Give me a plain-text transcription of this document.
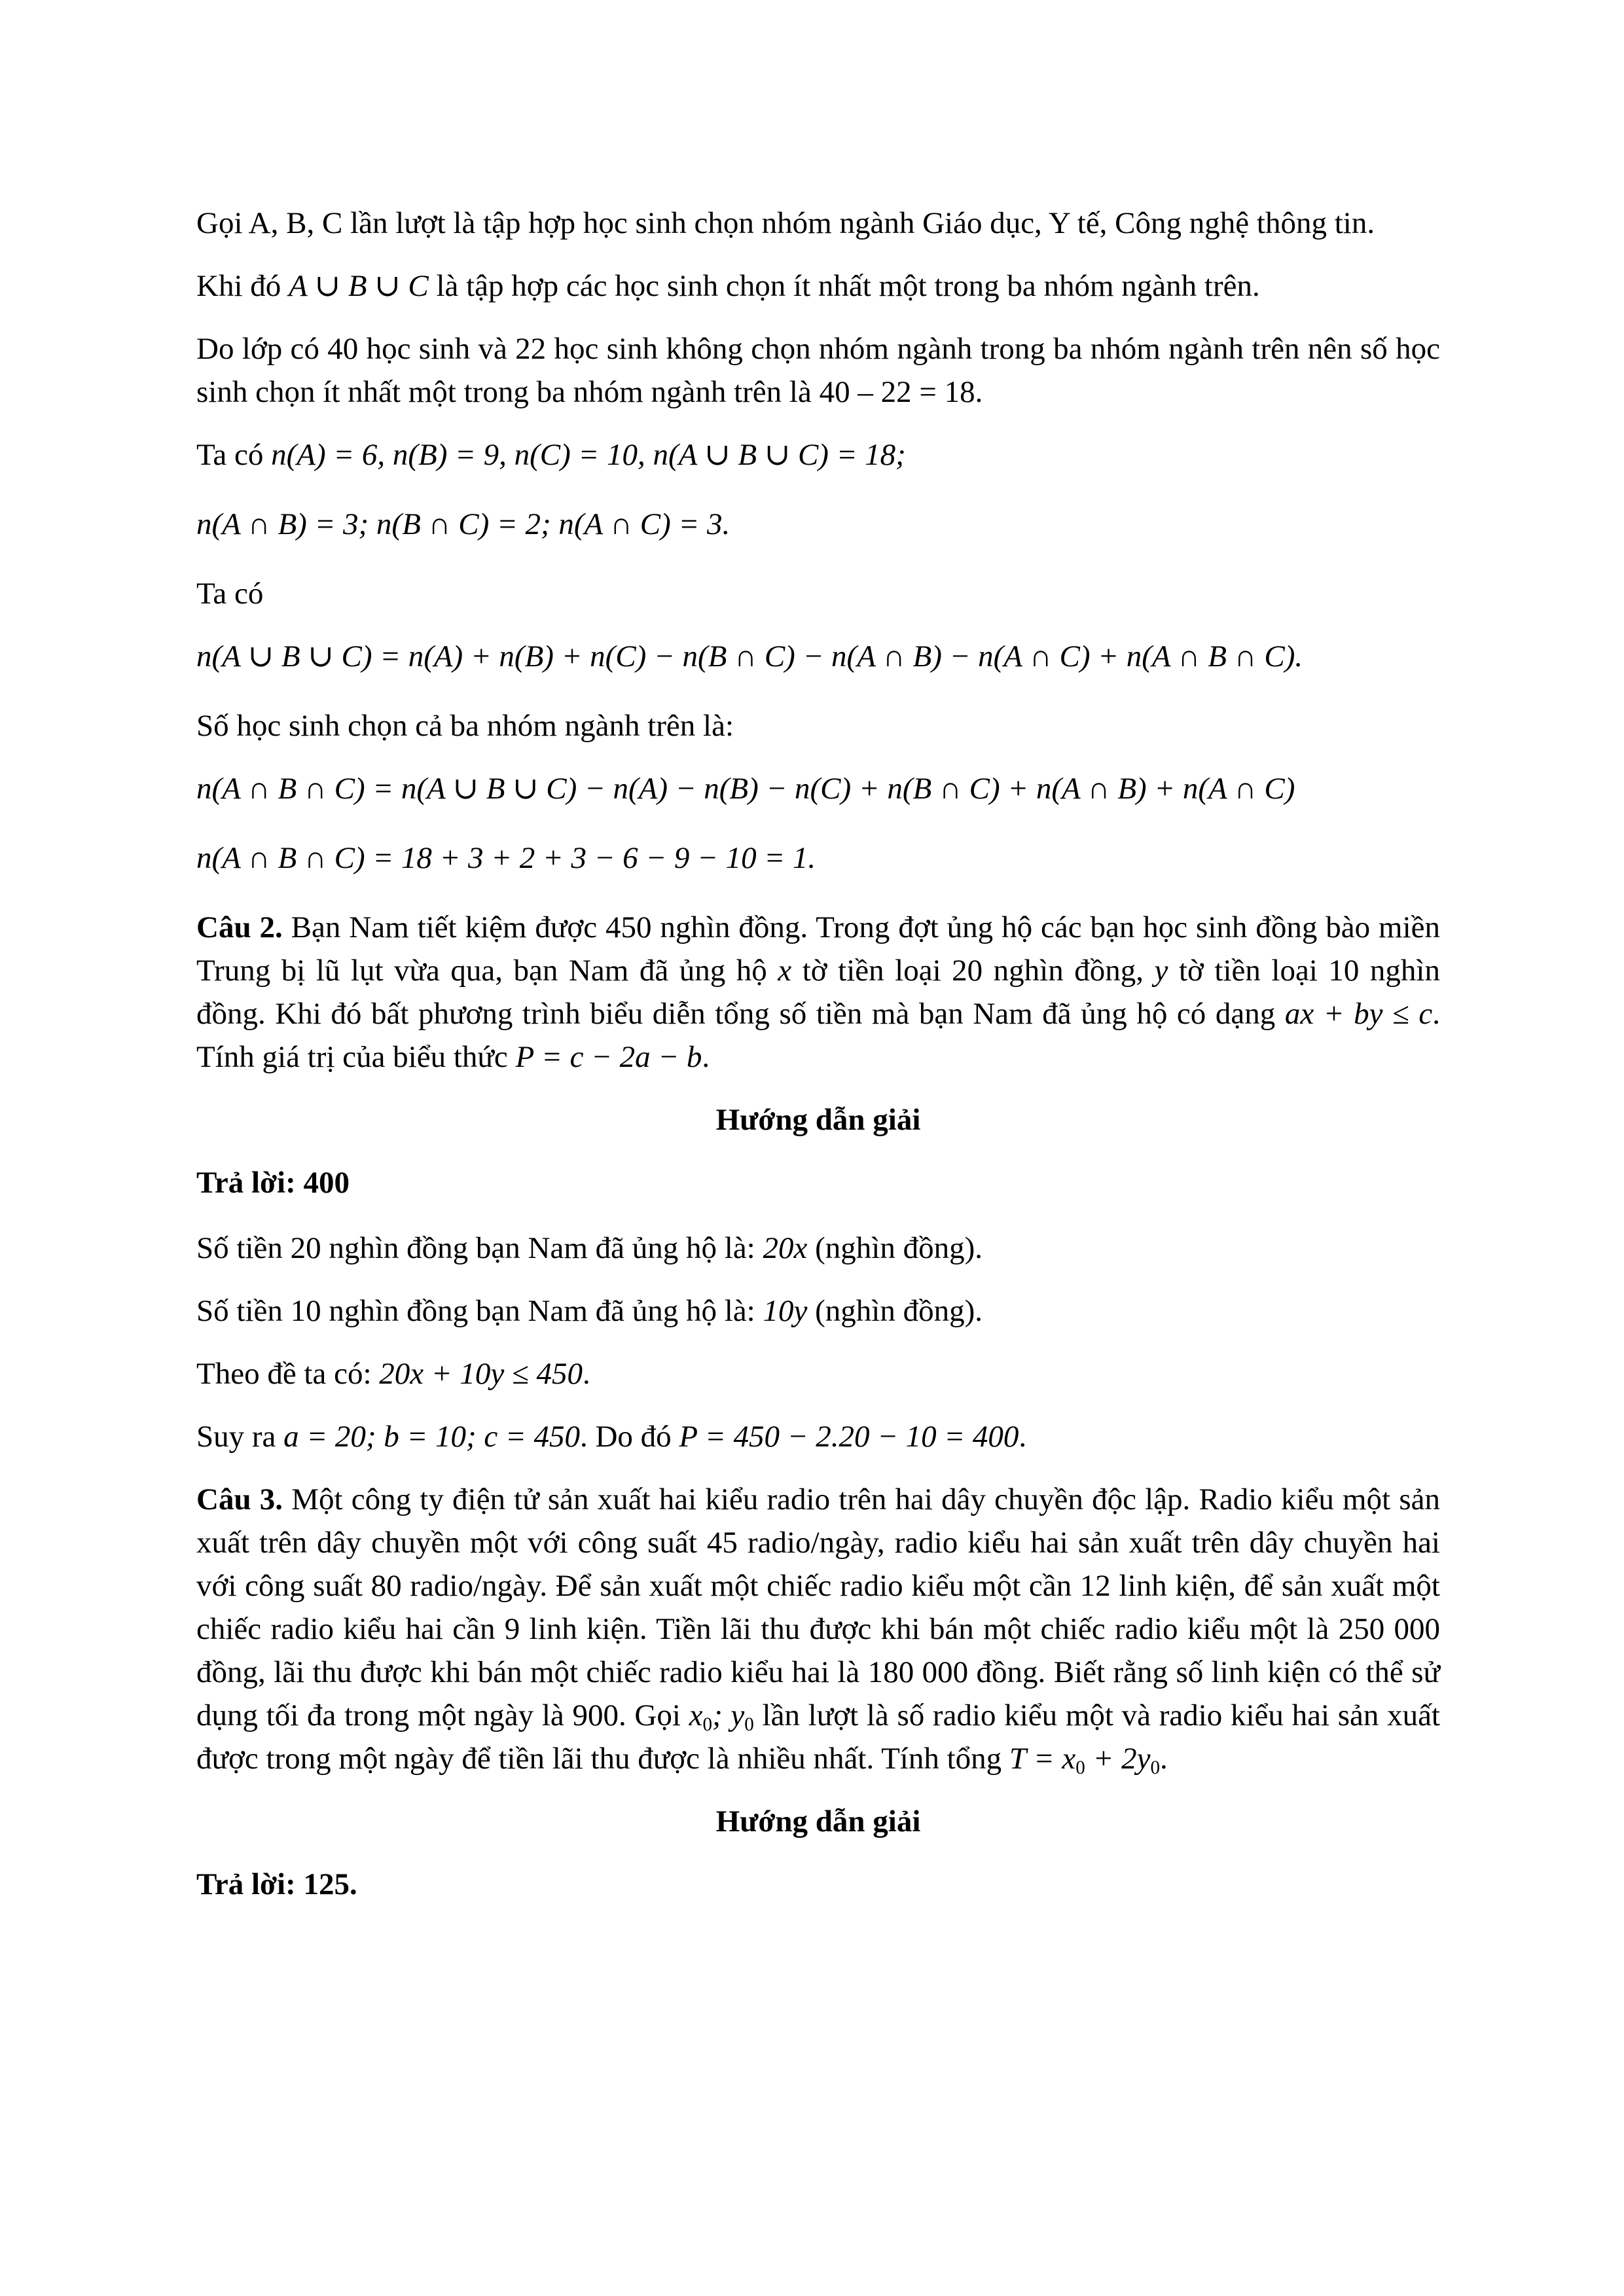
Gọi A, B, C lần lượt là tập hợp học sinh chọn nhóm ngành Giáo dục, Y tế, Công nghệ thông tin.
Khi đó A ∪ B ∪ C là tập hợp các học sinh chọn ít nhất một trong ba nhóm ngành trên.
Do lớp có 40 học sinh và 22 học sinh không chọn nhóm ngành trong ba nhóm ngành trên nên số học sinh chọn ít nhất một trong ba nhóm ngành trên là 40 – 22 = 18.
Ta có n(A) = 6, n(B) = 9, n(C) = 10, n(A ∪ B ∪ C) = 18;
n(A ∩ B) = 3; n(B ∩ C) = 2; n(A ∩ C) = 3.
Ta có
n(A ∪ B ∪ C) = n(A) + n(B) + n(C) − n(B ∩ C) − n(A ∩ B) − n(A ∩ C) + n(A ∩ B ∩ C).
Số học sinh chọn cả ba nhóm ngành trên là:
n(A ∩ B ∩ C) = n(A ∪ B ∪ C) − n(A) − n(B) − n(C) + n(B ∩ C) + n(A ∩ B) + n(A ∩ C)
n(A ∩ B ∩ C) = 18 + 3 + 2 + 3 − 6 − 9 − 10 = 1.
Câu 2. Bạn Nam tiết kiệm được 450 nghìn đồng. Trong đợt ủng hộ các bạn học sinh đồng bào miền Trung bị lũ lụt vừa qua, bạn Nam đã ủng hộ x tờ tiền loại 20 nghìn đồng, y tờ tiền loại 10 nghìn đồng. Khi đó bất phương trình biểu diễn tổng số tiền mà bạn Nam đã ủng hộ có dạng ax + by ≤ c. Tính giá trị của biểu thức P = c − 2a − b.
Hướng dẫn giải
Trả lời: 400
Số tiền 20 nghìn đồng bạn Nam đã ủng hộ là: 20x (nghìn đồng).
Số tiền 10 nghìn đồng bạn Nam đã ủng hộ là: 10y (nghìn đồng).
Theo đề ta có: 20x + 10y ≤ 450.
Suy ra a = 20; b = 10; c = 450. Do đó P = 450 − 2.20 − 10 = 400.
Câu 3. Một công ty điện tử sản xuất hai kiểu radio trên hai dây chuyền độc lập. Radio kiểu một sản xuất trên dây chuyền một với công suất 45 radio/ngày, radio kiểu hai sản xuất trên dây chuyền hai với công suất 80 radio/ngày. Để sản xuất một chiếc radio kiểu một cần 12 linh kiện, để sản xuất một chiếc radio kiểu hai cần 9 linh kiện. Tiền lãi thu được khi bán một chiếc radio kiểu một là 250 000 đồng, lãi thu được khi bán một chiếc radio kiểu hai là 180 000 đồng. Biết rằng số linh kiện có thể sử dụng tối đa trong một ngày là 900. Gọi x0; y0 lần lượt là số radio kiểu một và radio kiểu hai sản xuất được trong một ngày để tiền lãi thu được là nhiều nhất. Tính tổng T = x0 + 2y0.
Hướng dẫn giải
Trả lời: 125.
